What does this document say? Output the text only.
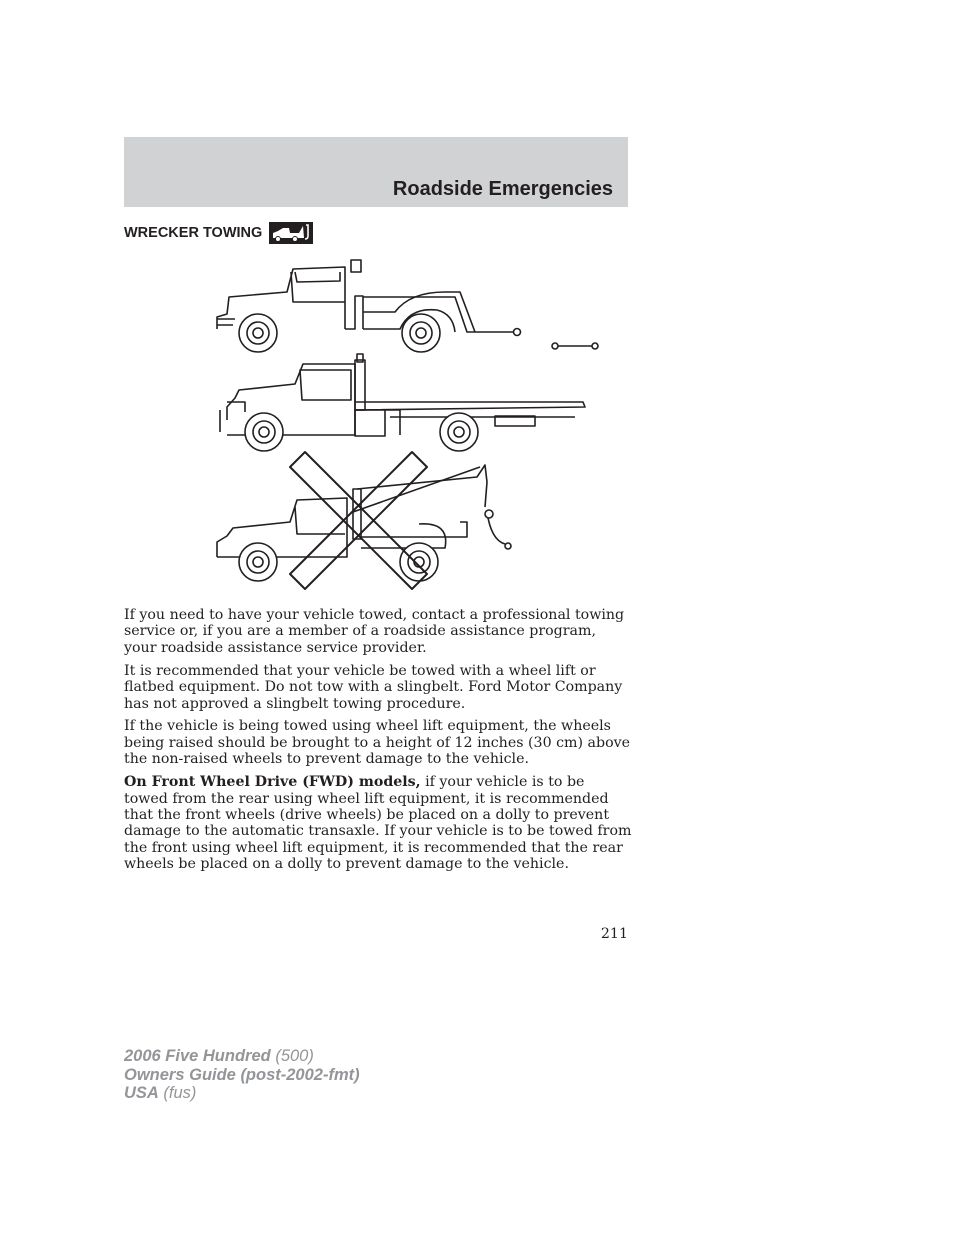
Roadside Emergencies
WRECKER TOWING

If you need to have your vehicle towed, contact a professional towing service or, if you are a member of a roadside assistance program, your roadside assistance service provider.

It is recommended that your vehicle be towed with a wheel lift or flatbed equipment. Do not tow with a slingbelt. Ford Motor Company has not approved a slingbelt towing procedure.

If the vehicle is being towed using wheel lift equipment, the wheels being raised should be brought to a height of 12 inches (30 cm) above the non-raised wheels to prevent damage to the vehicle.

On Front Wheel Drive (FWD) models, if your vehicle is to be towed from the rear using wheel lift equipment, it is recommended that the front wheels (drive wheels) be placed on a dolly to prevent damage to the automatic transaxle. If your vehicle is to be towed from the front using wheel lift equipment, it is recommended that the rear wheels be placed on a dolly to prevent damage to the vehicle.

211
2006 Five Hundred (500)
Owners Guide (post-2002-fmt)
USA (fus)
